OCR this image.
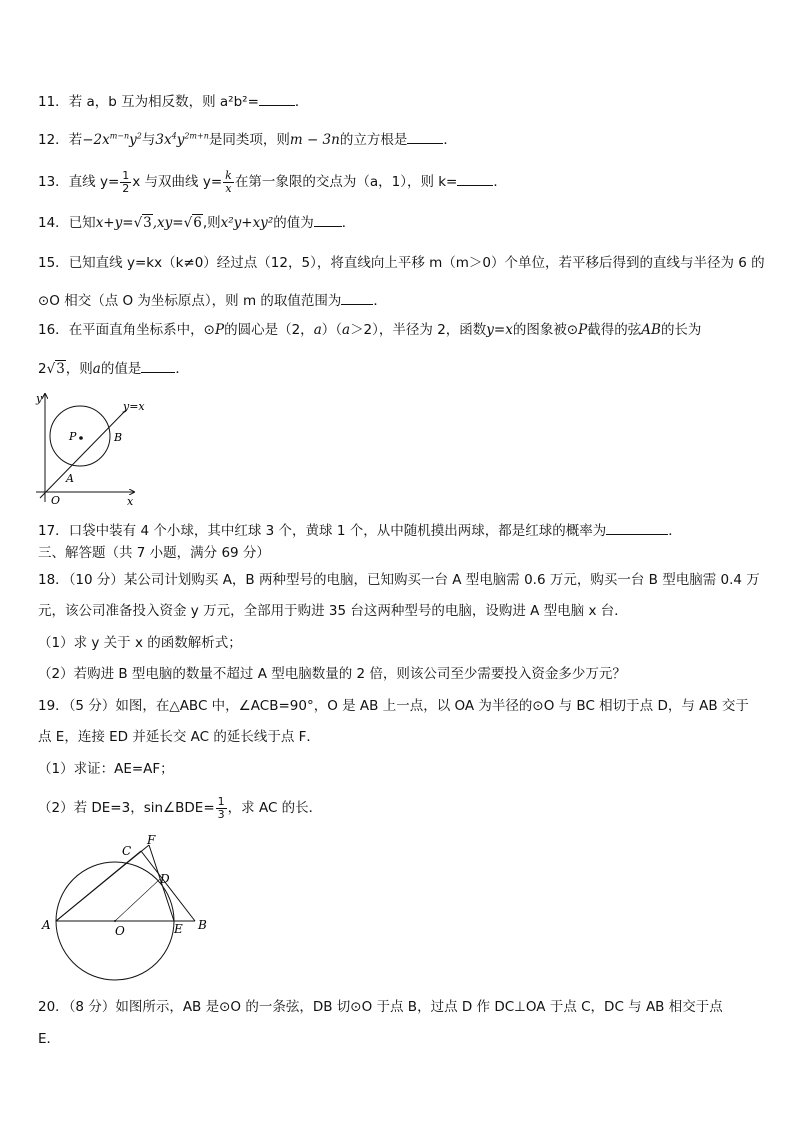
11．若 a，b 互为相反数，则 a²b²=	．
12．若$-2x^{m-n}y^2$与$3x^4y^{2m+n}$是同类项，则m − 3n的立方根是	．
13．直线 $y= \frac{1}{2}$ x 与双曲线 $y= \frac{k}{x}$ 在第一象限的交点为（a，1），则 k=	．
14．已知x+y=√3,xy=√6,则x²y+xy²的值为 ．
15．已知直线 y=kx（k≠0）经过点（12，5），将直线向上平移 m（m＞0）个单位，若平移后得到的直线与半径为 6 的
⊙O 相交（点 O 为坐标原点），则 m 的取值范围为 ．
16．在平面直角坐标系中，⊙P的圆心是（2，a）（a＞2），半径为 2，函数y=x的图象被⊙P截得的弦AB的长为
2√3，则a的值是	．
y
y=x
P	B
A
O	x
17．口袋中装有 4 个小球，其中红球 3 个，黄球 1 个，从中随机摸出两球，都是红球的概率为	．
三、解答题（共 7 小题，满分 69 分）
18．（10 分）某公司计划购买 A，B 两种型号的电脑，已知购买一台 A 型电脑需 0.6 万元，购买一台 B 型电脑需 0.4 万
元，该公司准备投入资金 y 万元，全部用于购进 35 台这两种型号的电脑，设购进 A 型电脑 x 台．
（1）求 y 关于 x 的函数解析式；
（2）若购进 B 型电脑的数量不超过 A 型电脑数量的 2 倍，则该公司至少需要投入资金多少万元？
19．（5 分）如图，在△ABC 中，∠ACB=90°，O 是 AB 上一点，以 OA 为半径的⊙O 与 BC 相切于点 D，与 AB 交于
点 E，连接 ED 并延长交 AC 的延长线于点 F．
（1）求证：AE=AF；
（2）若 DE=3，sin∠BDE= $\frac{1}{3}$ ，求 AC 的长．
C
F
D
A	O	E B
20．（8 分）如图所示，AB 是⊙O 的一条弦，DB 切⊙O 于点 B，过点 D 作 DC⊥OA 于点 C，DC 与 AB 相交于点
E．
